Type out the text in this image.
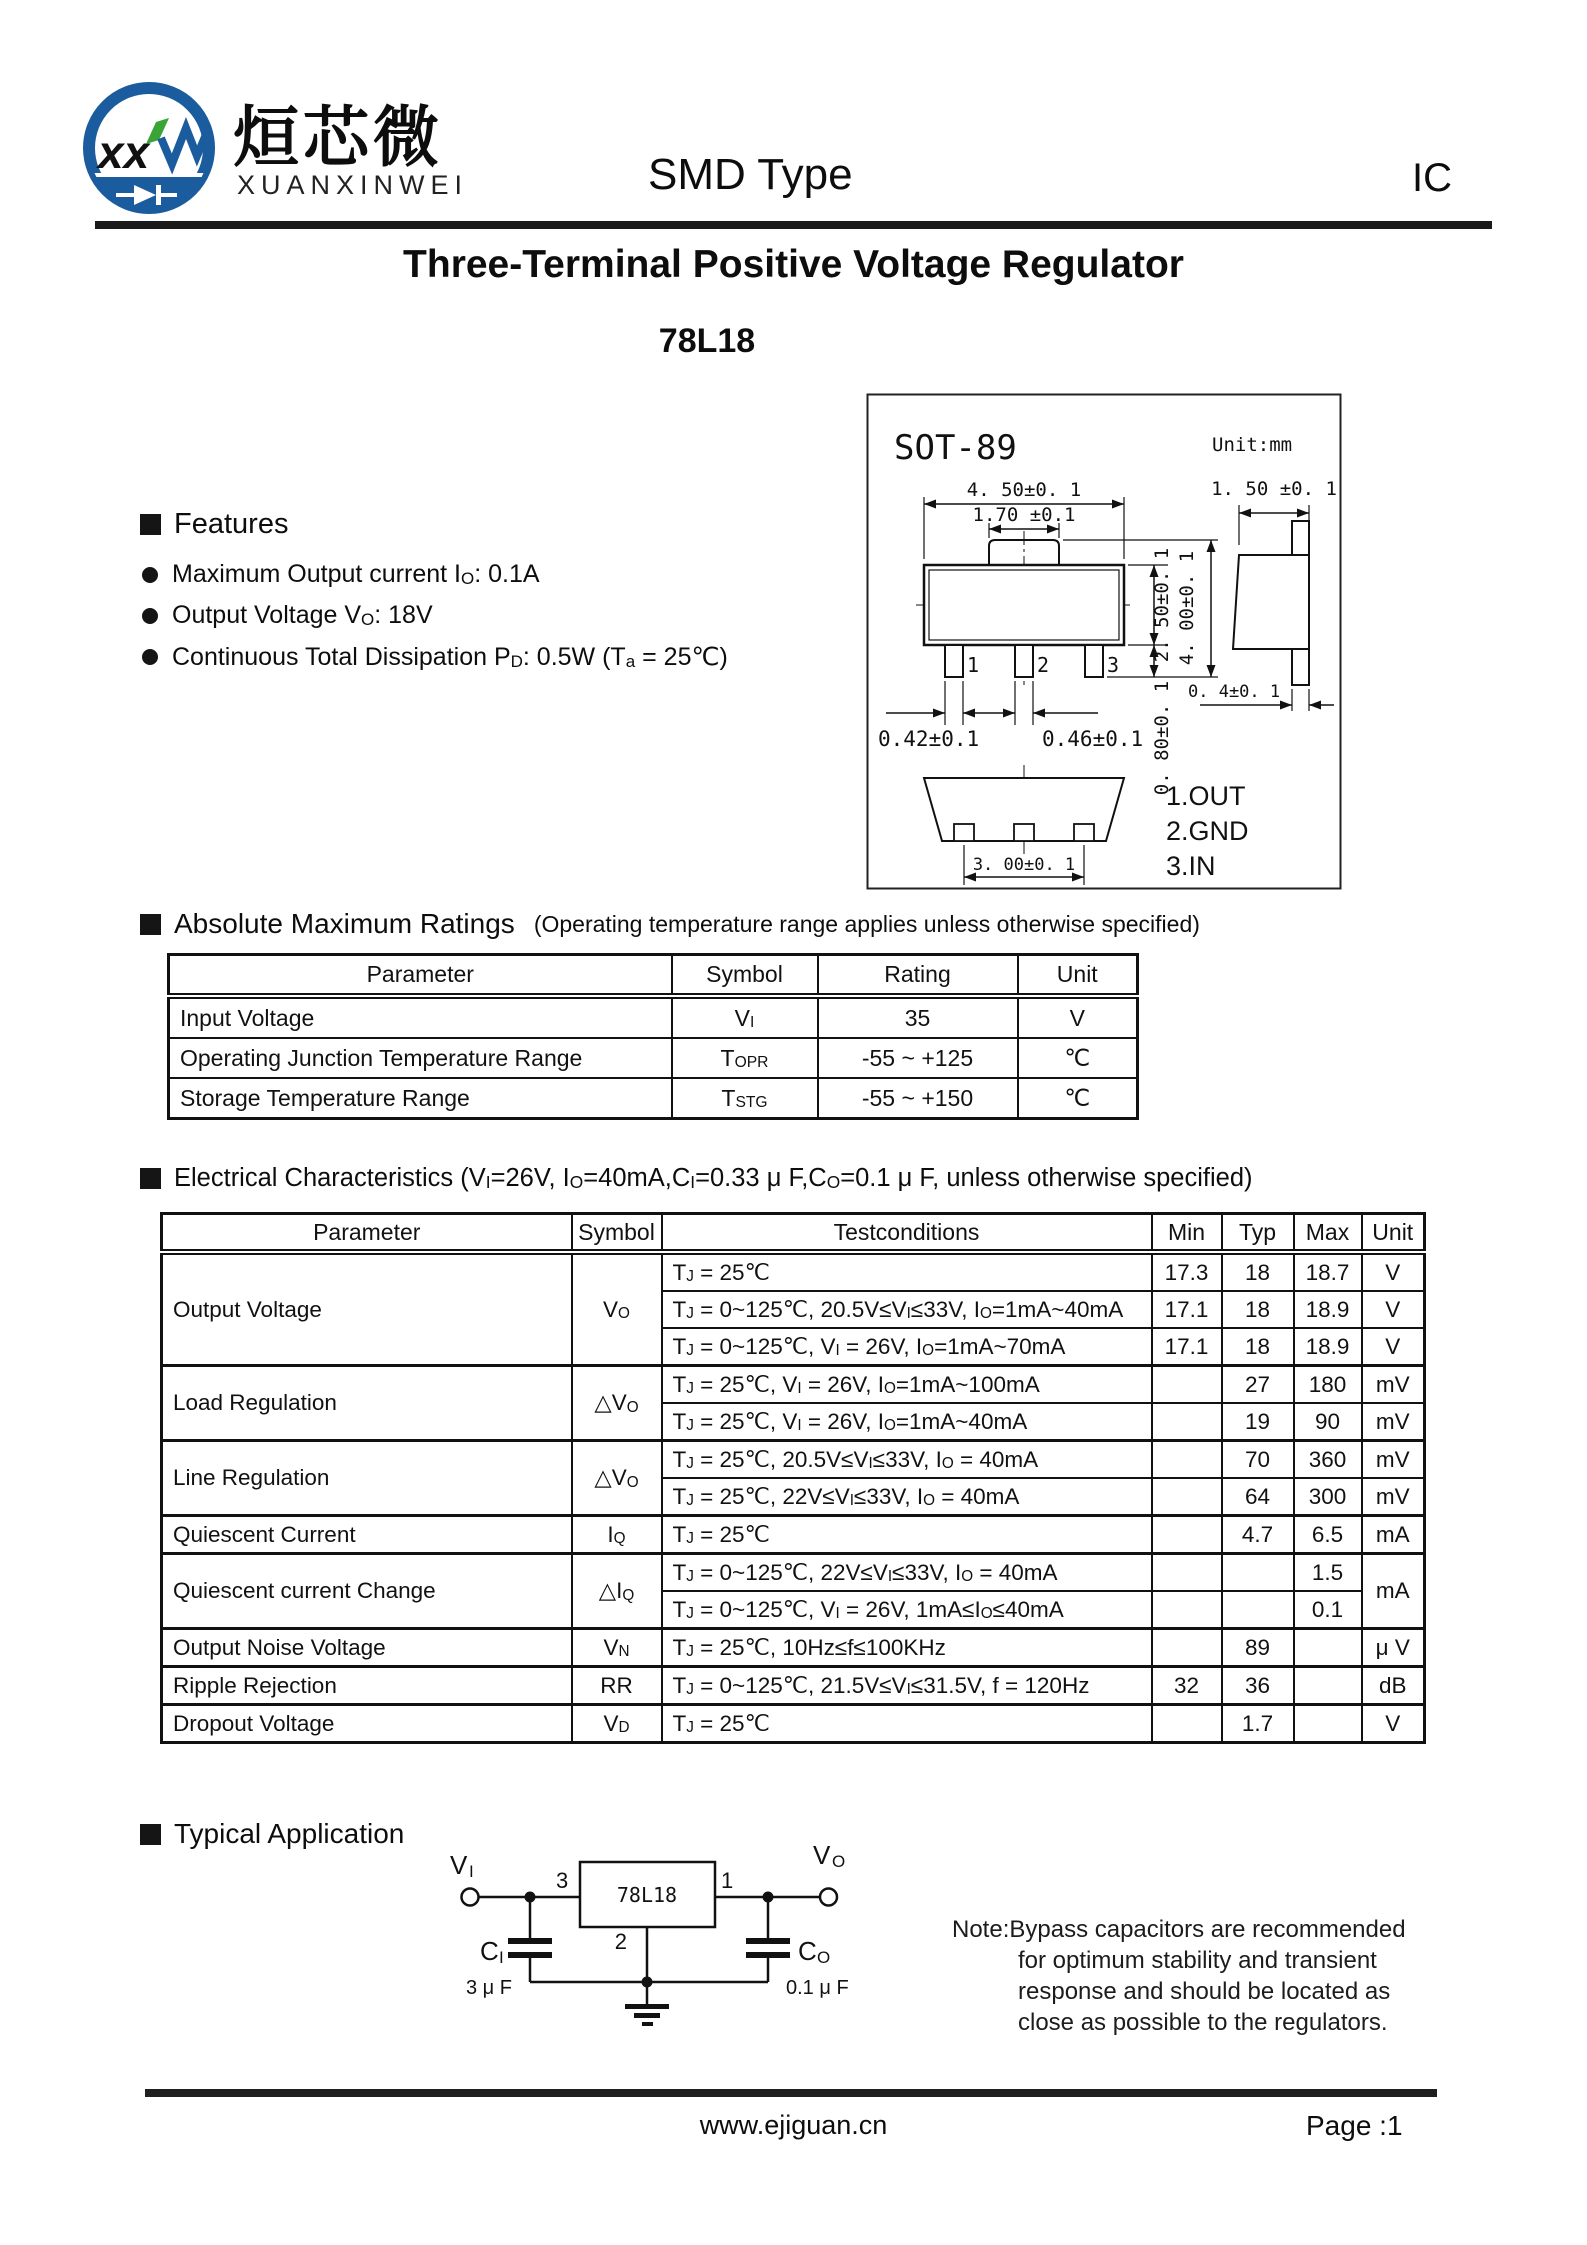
xx 烜芯微
XUANXINWEI	SMD Type	IC
Three-Terminal Positive Voltage Regulator
78L18
Features
Maximum Output current $I_O$: 0.1A
Output Voltage $V_O$: 18V
Continuous Total Dissipation $P_D$: 0.5W ($T_a$ = 25℃)
SOT-89	Unit:mm
1	2	3
4. 50±0. 1
1.70 ±0.1
2. 50±0. 1 4. 00±0. 1
0. 80±0. 1
0.42±0.1	0.46±0.1
1. 50 ±0. 1
0. 4±0. 1
3. 00±0. 1
1.OUT
2.GND
3.IN
Absolute Maximum Ratings (Operating temperature range applies unless otherwise specified)
Parameter	Symbol	Rating	Unit
Input Voltage	$V_I$	35	V
Operating Junction Temperature Range	$T_{OPR}$	-55 ~ +125	℃
Storage Temperature Range	$T_{STG}$	-55 ~ +150	℃
Electrical Characteristics ($V_I=26V$, $I_O=40mA,C_I=0.33$ μ $F,C_O=0.1$ μ F, unless otherwise specified)
Parameter	Symbol	Testconditions	Min	Typ	Max	Unit
Output Voltage	$V_O$	$T_J$ = 25℃	17.3	18	18.7	V
		$T_J$ = 0~125℃, $20.5V\le V_I\le 33V$, $I_O=1mA\sim 40mA$	17.1	18	18.9	V
		$T_J$ = 0~125℃, $V_I = 26V$, $I_O=1mA\sim 70mA$	17.1	18	18.9	V
Load Regulation	$\triangle V_O$	$T_J$ = 25℃, $V_I = 26V$, $I_O=1mA\sim 100mA$		27	180	mV
		$T_J$ = 25℃, $V_I = 26V$, $I_O=1mA\sim 40mA$		19	90	mV
Line Regulation	$\triangle V_O$	$T_J$ = 25℃, $20.5V\le V_I\le 33V$, $I_O = 40mA$		70	360	mV
		$T_J$ = 25℃, $22V\le V_I\le 33V$, $I_O = 40mA$		64	300	mV
Quiescent Current	$I_Q$	$T_J$ = 25℃		4.7	6.5	mA
Quiescent current Change	$\triangle I_Q$	$T_J$ = 0~125℃, $22V\le V_I\le 33V$, $I_O = 40mA$			1.5	mA
		$T_J$ = 0~125℃, $V_I = 26V$, $1mA\le I_O\le 40mA$			0.1	
Output Noise Voltage	$V_N$	$T_J$ = 25℃, 10Hz≤f≤100KHz		89		μ V
Ripple Rejection	RR	$T_J$ = 0~125℃, $21.5V\le V_I\le 31.5V$, f = 120Hz	32	36		dB
Dropout Voltage	$V_D$	$T_J$ = 25℃		1.7		V
Typical Application
78L18
V I
V O
3	1
2
C I
3 μ F
C O
0.1 μ F
Note:Bypass capacitors are recommended
for optimum stability and transient
response and should be located as
close as possible to the regulators.
www.ejiguan.cn	Page :1
